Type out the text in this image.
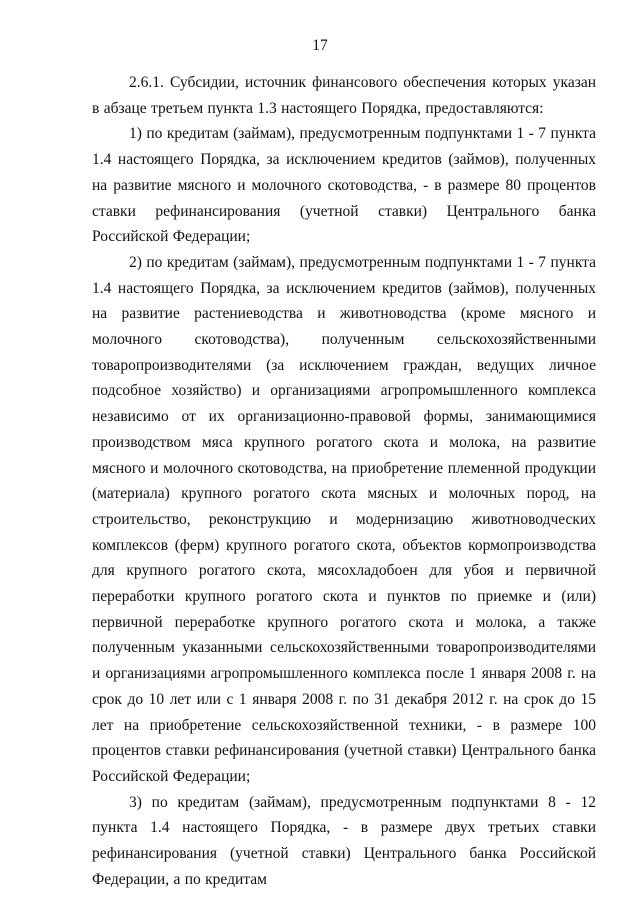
17

2.6.1. Субсидии, источник финансового обеспечения которых указан в абзаце третьем пункта 1.3 настоящего Порядка, предоставляются:

1) по кредитам (займам), предусмотренным подпунктами 1 - 7 пункта 1.4 настоящего Порядка, за исключением кредитов (займов), полученных на развитие мясного и молочного скотоводства, - в размере 80 процентов ставки рефинансирования (учетной ставки) Центрального банка Российской Федерации;

2) по кредитам (займам), предусмотренным подпунктами 1 - 7 пункта 1.4 настоящего Порядка, за исключением кредитов (займов), полученных на развитие растениеводства и животноводства (кроме мясного и молочного скотоводства), полученным сельскохозяйственными товаропроизводителями (за исключением граждан, ведущих личное подсобное хозяйство) и организациями агропромышленного комплекса независимо от их организационно-правовой формы, занимающимися производством мяса крупного рогатого скота и молока, на развитие мясного и молочного скотоводства, на приобретение племенной продукции (материала) крупного рогатого скота мясных и молочных пород, на строительство, реконструкцию и модернизацию животноводческих комплексов (ферм) крупного рогатого скота, объектов кормопроизводства для крупного рогатого скота, мясохладобоен для убоя и первичной переработки крупного рогатого скота и пунктов по приемке и (или) первичной переработке крупного рогатого скота и молока, а также полученным указанными сельскохозяйственными товаропроизводителями и организациями агропромышленного комплекса после 1 января 2008 г. на срок до 10 лет или с 1 января 2008 г. по 31 декабря 2012 г. на срок до 15 лет на приобретение сельскохозяйственной техники, - в размере 100 процентов ставки рефинансирования (учетной ставки) Центрального банка Российской Федерации;

3) по кредитам (займам), предусмотренным подпунктами 8 - 12 пункта 1.4 настоящего Порядка, - в размере двух третьих ставки рефинансирования (учетной ставки) Центрального банка Российской Федерации, а по кредитам
